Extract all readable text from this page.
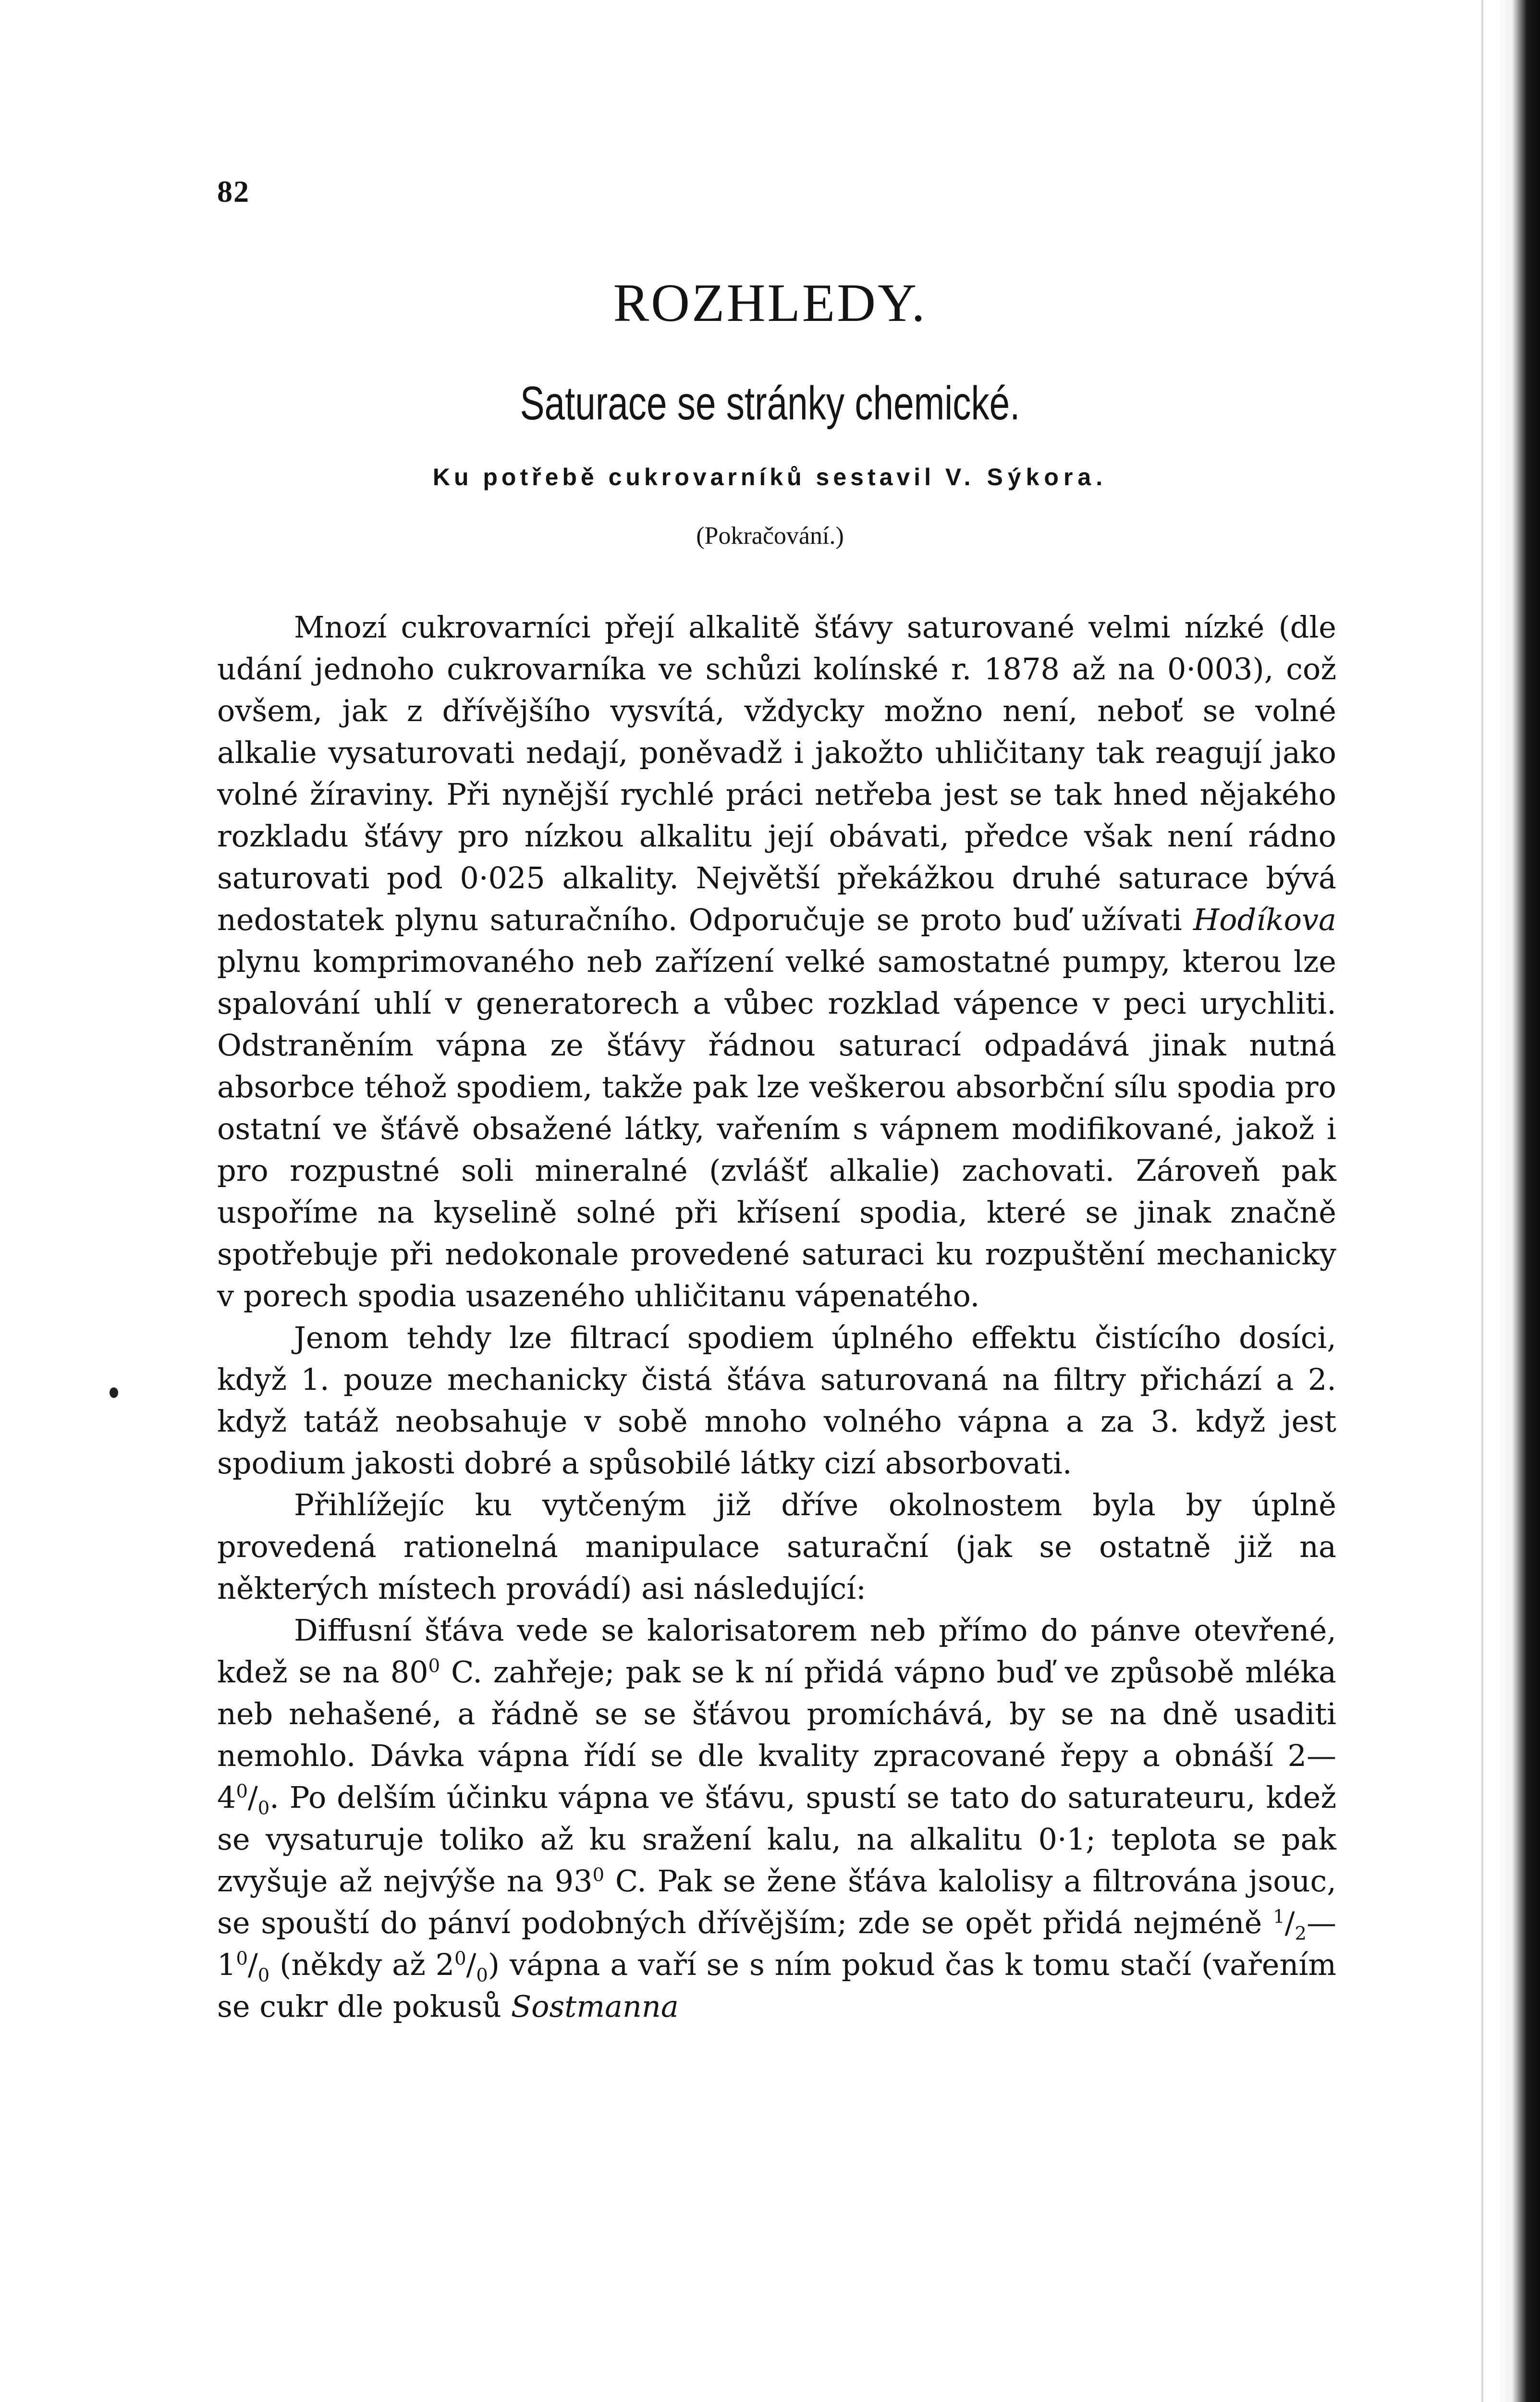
82
ROZHLEDY.
Saturace se stránky chemické.
Ku potřebě cukrovarníků sestavil V. Sýkora.
(Pokračování.)

Mnozí cukrovarníci přejí alkalitě šťávy saturované velmi nízké (dle udání jednoho cukrovarníka ve schůzi kolínské r. 1878 až na 0·003), což ovšem, jak z dřívějšího vysvítá, vždycky možno není, neboť se volné alkalie vysaturovati nedají, poněvadž i jakožto uhličitany tak reagují jako volné žíraviny. Při nynější rychlé práci netřeba jest se tak hned nějakého rozkladu šťávy pro nízkou alkalitu její obávati, předce však není rádno saturovati pod 0·025 alkality. Největší překážkou druhé saturace bývá nedostatek plynu saturačního. Odporučuje se proto buď užívati Hodíkova plynu komprimovaného neb zařízení velké samostatné pumpy, kterou lze spalování uhlí v generatorech a vůbec rozklad vápence v peci urychliti. Odstraněním vápna ze šťávy řádnou saturací odpadává jinak nutná absorbce téhož spodiem, takže pak lze veškerou absorbční sílu spodia pro ostatní ve šťávě obsažené látky, vařením s vápnem modifikované, jakož i pro rozpustné soli mineralné (zvlášť alkalie) zachovati. Zároveň pak uspoříme na kyselině solné při křísení spodia, které se jinak značně spotřebuje při nedokonale provedené saturaci ku rozpuštění mechanicky v porech spodia usazeného uhličitanu vápenatého.

Jenom tehdy lze filtrací spodiem úplného effektu čistícího dosíci, když 1. pouze mechanicky čistá šťáva saturovaná na filtry přichází a 2. když tatáž neobsahuje v sobě mnoho volného vápna a za 3. když jest spodium jakosti dobré a spůsobilé látky cizí absorbovati.

Přihlížejíc ku vytčeným již dříve okolnostem byla by úplně provedená rationelná manipulace saturační (jak se ostatně již na některých místech provádí) asi následující:

Diffusní šťáva vede se kalorisatorem neb přímo do pánve otevřené, kdež se na $80^0$ C. zahřeje; pak se k ní přidá vápno buď ve způsobě mléka neb nehašené, a řádně se se šťávou promíchává, by se na dně usaditi nemohlo. Dávka vápna řídí se dle kvality zpracované řepy a obnáší $2—4^0/_0$. Po delším účinku vápna ve šťávu, spustí se tato do saturateuru, kdež se vysaturuje toliko až ku sražení kalu, na alkalitu 0·1; teplota se pak zvyšuje až nejvýše na $93^0$ C. Pak se žene šťáva kalolisy a filtrována jsouc, se spouští do pánví podobných dřívějším; zde se opět přidá nejméně $^1/_2—1^0/_0$ (někdy až $2^0/_0$) vápna a vaří se s ním pokud čas k tomu stačí (vařením se cukr dle pokusů Sostmanna
